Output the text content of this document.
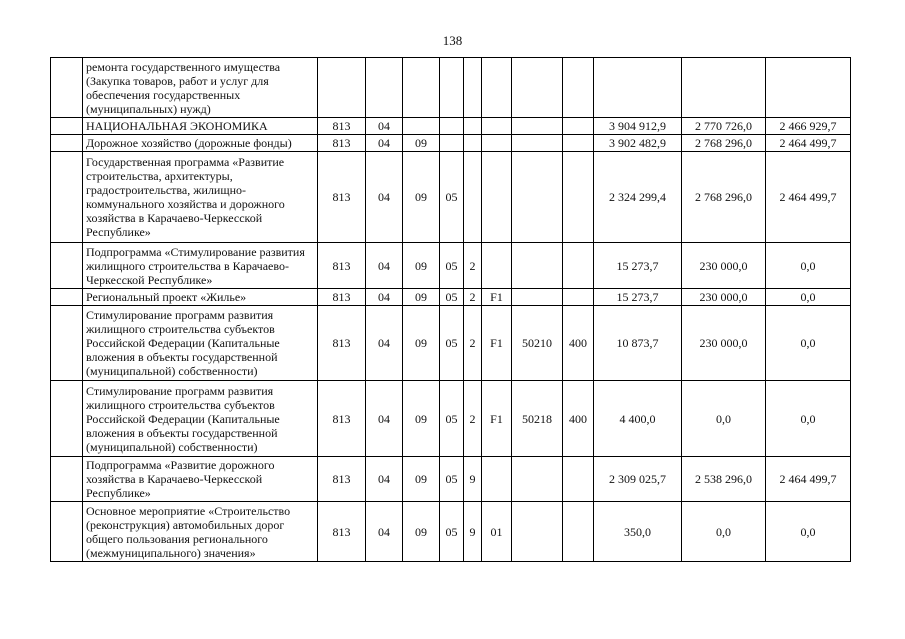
138
	ремонта государственного имущества (Закупка товаров, работ и услуг для обеспечения государственных (муниципальных) нужд)											
	НАЦИОНАЛЬНАЯ ЭКОНОМИКА	813	04							3 904 912,9	2 770 726,0	2 466 929,7
	Дорожное хозяйство (дорожные фонды)	813	04	09						3 902 482,9	2 768 296,0	2 464 499,7
	Государственная программа «Развитие строительства, архитектуры, градостроительства, жилищно-коммунального хозяйства и дорожного хозяйства в Карачаево-Черкесской Республике»	813	04	09	05					2 324 299,4	2 768 296,0	2 464 499,7
	Подпрограмма «Стимулирование развития жилищного строительства в Карачаево-Черкесской Республике»	813	04	09	05	2				15 273,7	230 000,0	0,0
	Региональный проект «Жилье»	813	04	09	05	2	F1			15 273,7	230 000,0	0,0
	Стимулирование программ развития жилищного строительства субъектов Российской Федерации (Капитальные вложения в объекты государственной (муниципальной) собственности)	813	04	09	05	2	F1	50210	400	10 873,7	230 000,0	0,0
	Стимулирование программ развития жилищного строительства субъектов Российской Федерации (Капитальные вложения в объекты государственной (муниципальной) собственности)	813	04	09	05	2	F1	50218	400	4 400,0	0,0	0,0
	Подпрограмма «Развитие дорожного хозяйства в Карачаево-Черкесской Республике»	813	04	09	05	9				2 309 025,7	2 538 296,0	2 464 499,7
	Основное мероприятие «Строительство (реконструкция) автомобильных дорог общего пользования регионального (межмуниципального) значения»	813	04	09	05	9	01			350,0	0,0	0,0
